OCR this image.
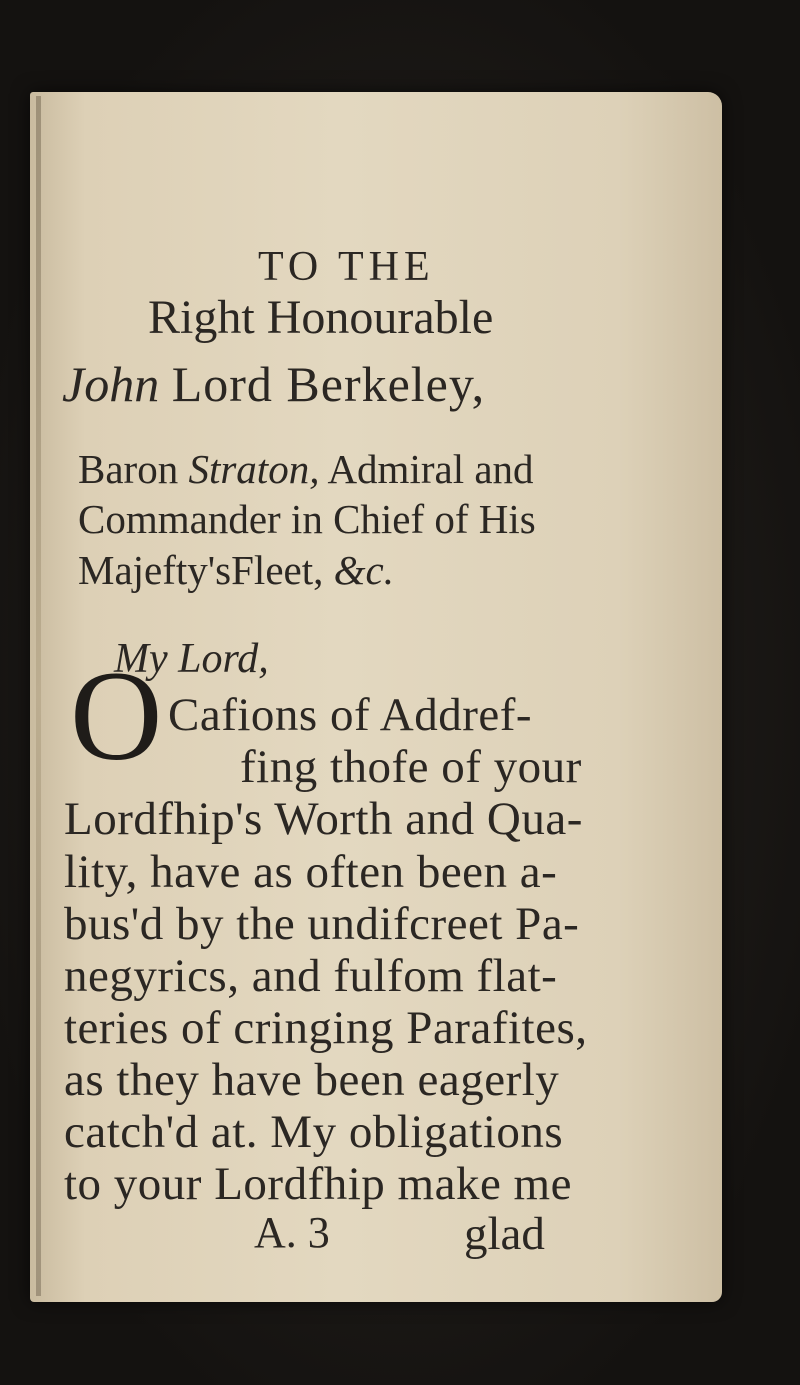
TO THE
Right Honourable
John Lord Berkeley,
Baron Straton, Admiral and
Commander in Chief of His
Majefty'sFleet, &c.
My Lord,
O Cafions of Addref-
fing thofe of your
Lordfhip's Worth and Qua-
lity, have as often been a-
bus'd by the undifcreet Pa-
negyrics, and fulfom flat-
teries of cringing Parafites,
as they have been eagerly
catch'd at. My obligations
to your Lordfhip make me
A. 3	glad
